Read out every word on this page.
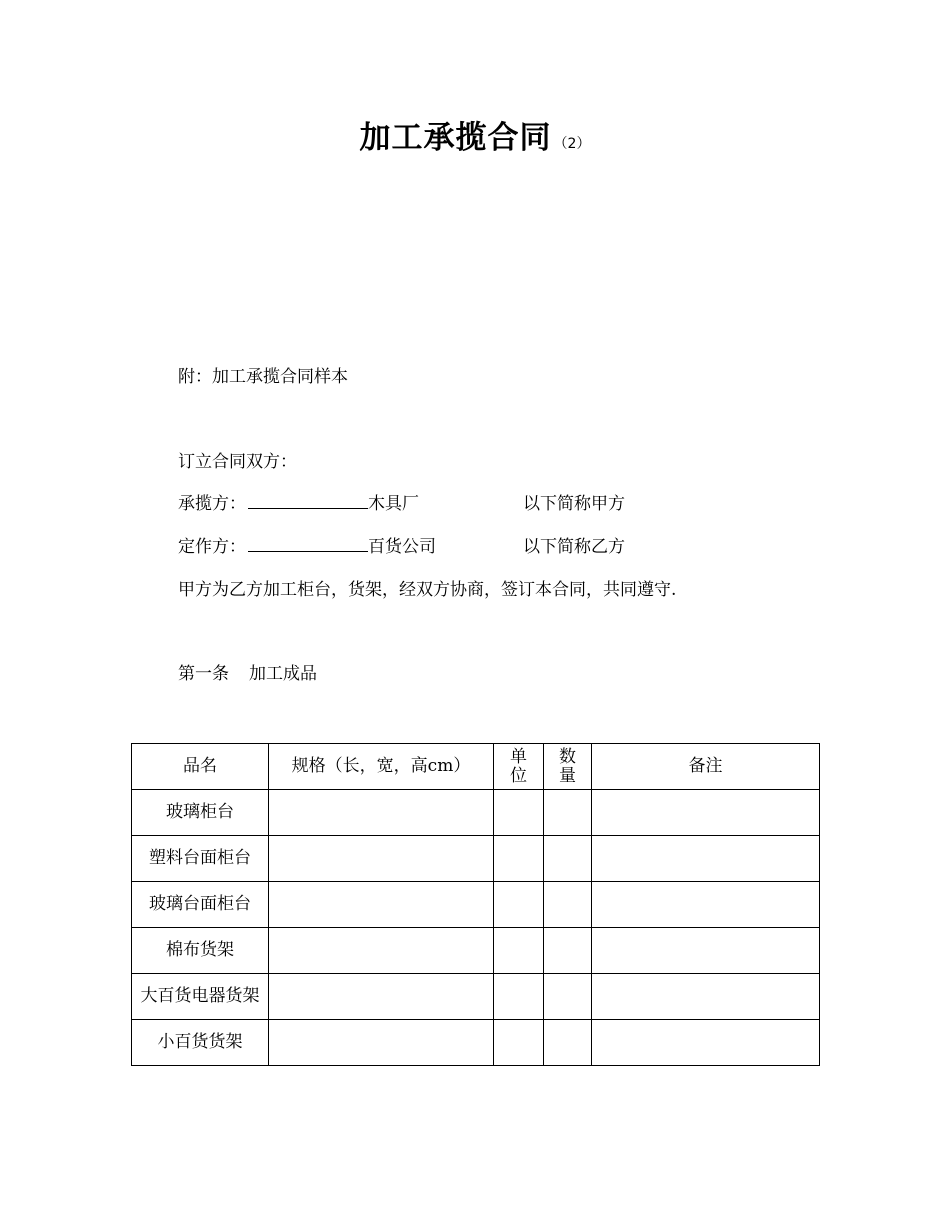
加工承揽合同 （2）
附：加工承揽合同样本
订立合同双方：
承揽方：	木具厂	以下简称甲方
定作方：	百货公司	以下简称乙方
甲方为乙方加工柜台，货架，经双方协商，签订本合同，共同遵守.
第一条 加工成品
品名	规格（长，宽，高cm）	单位	数量	备注
玻璃柜台				
塑料台面柜台				
玻璃台面柜台				
棉布货架				

大百货电器货架				

小百货货架				
